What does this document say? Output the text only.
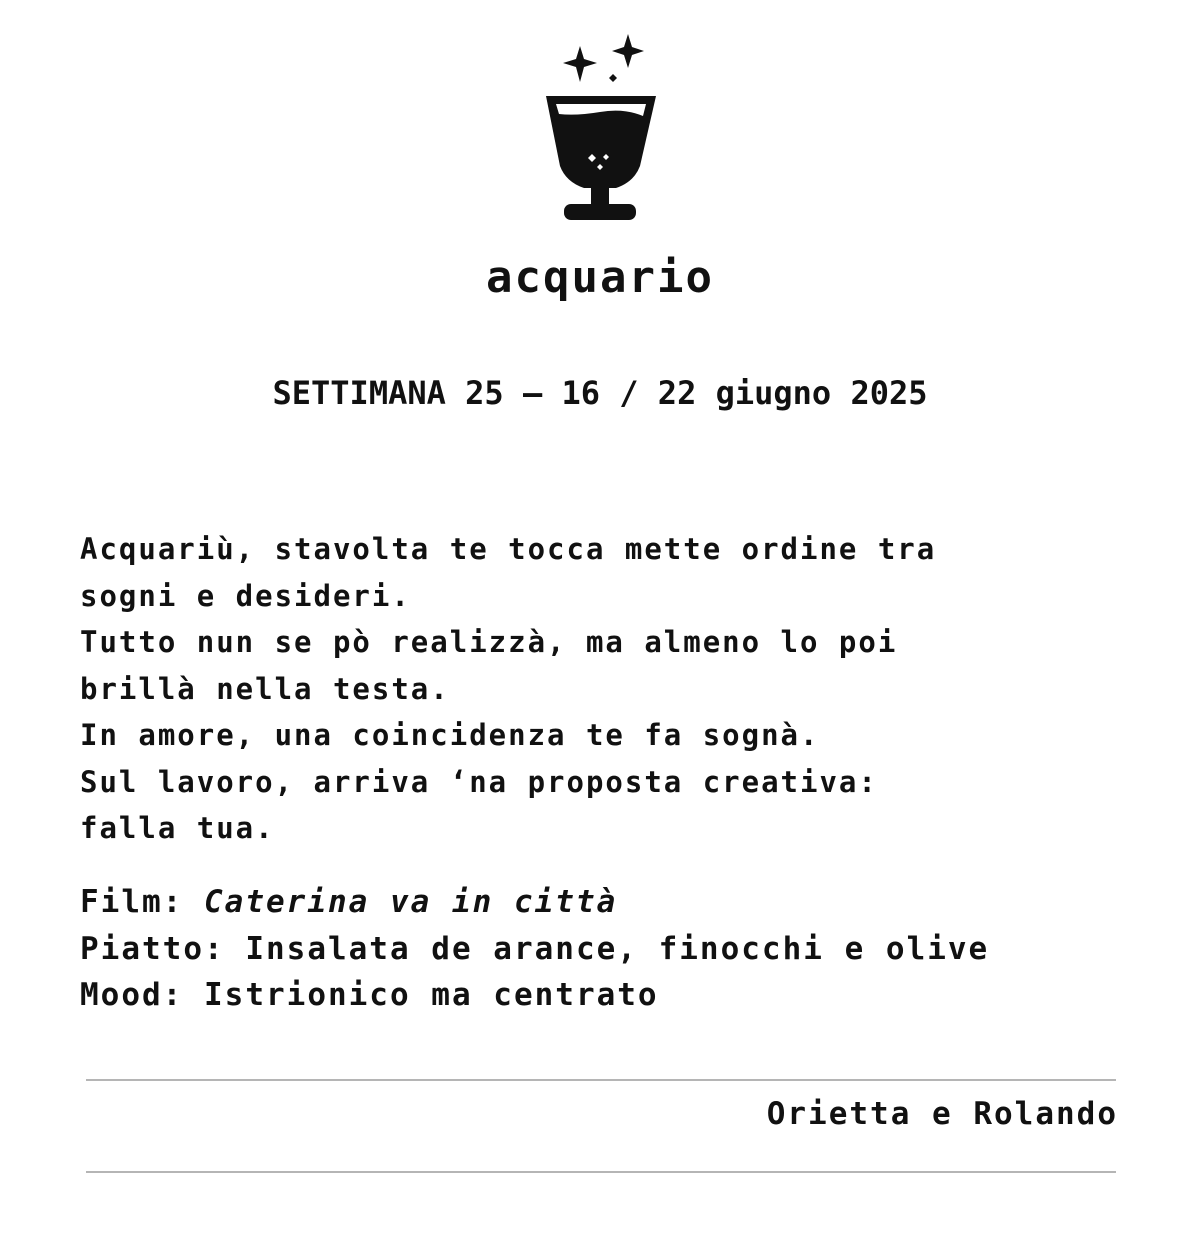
acquario
SETTIMANA 25 – 16 / 22 giugno 2025
Acquariù, stavolta te tocca mette ordine tra
sogni e desideri.
Tutto nun se pò realizzà, ma almeno lo poi
brillà nella testa.
In amore, una coincidenza te fa sognà.
Sul lavoro, arriva ‘na proposta creativa:
falla tua.
Film: Caterina va in città
Piatto: Insalata de arance, finocchi e olive
Mood: Istrionico ma centrato
Orietta e Rolando
